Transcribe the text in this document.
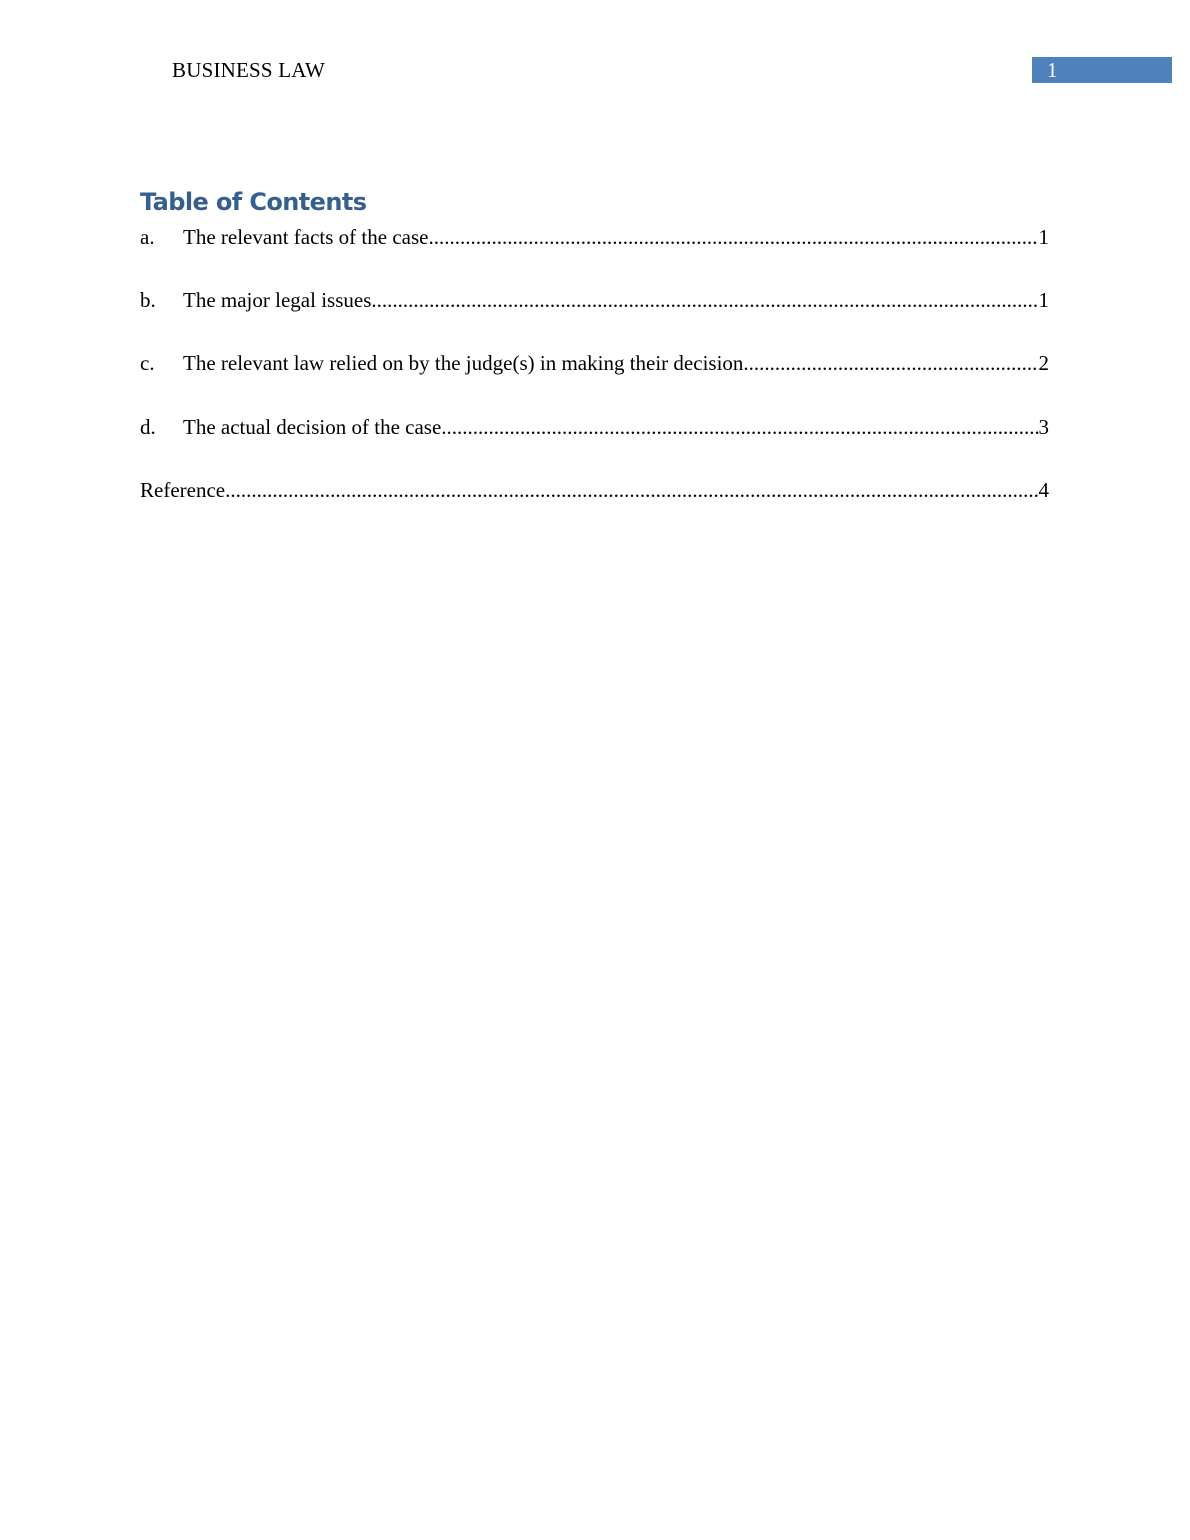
BUSINESS LAW	1
Table of Contents
a.	The relevant facts of the case .....	1
b.	The major legal issues .....	1
c.	The relevant law relied on by the judge(s) in making their decision .....	2
d.	The actual decision of the case .....	3
Reference .....	4
